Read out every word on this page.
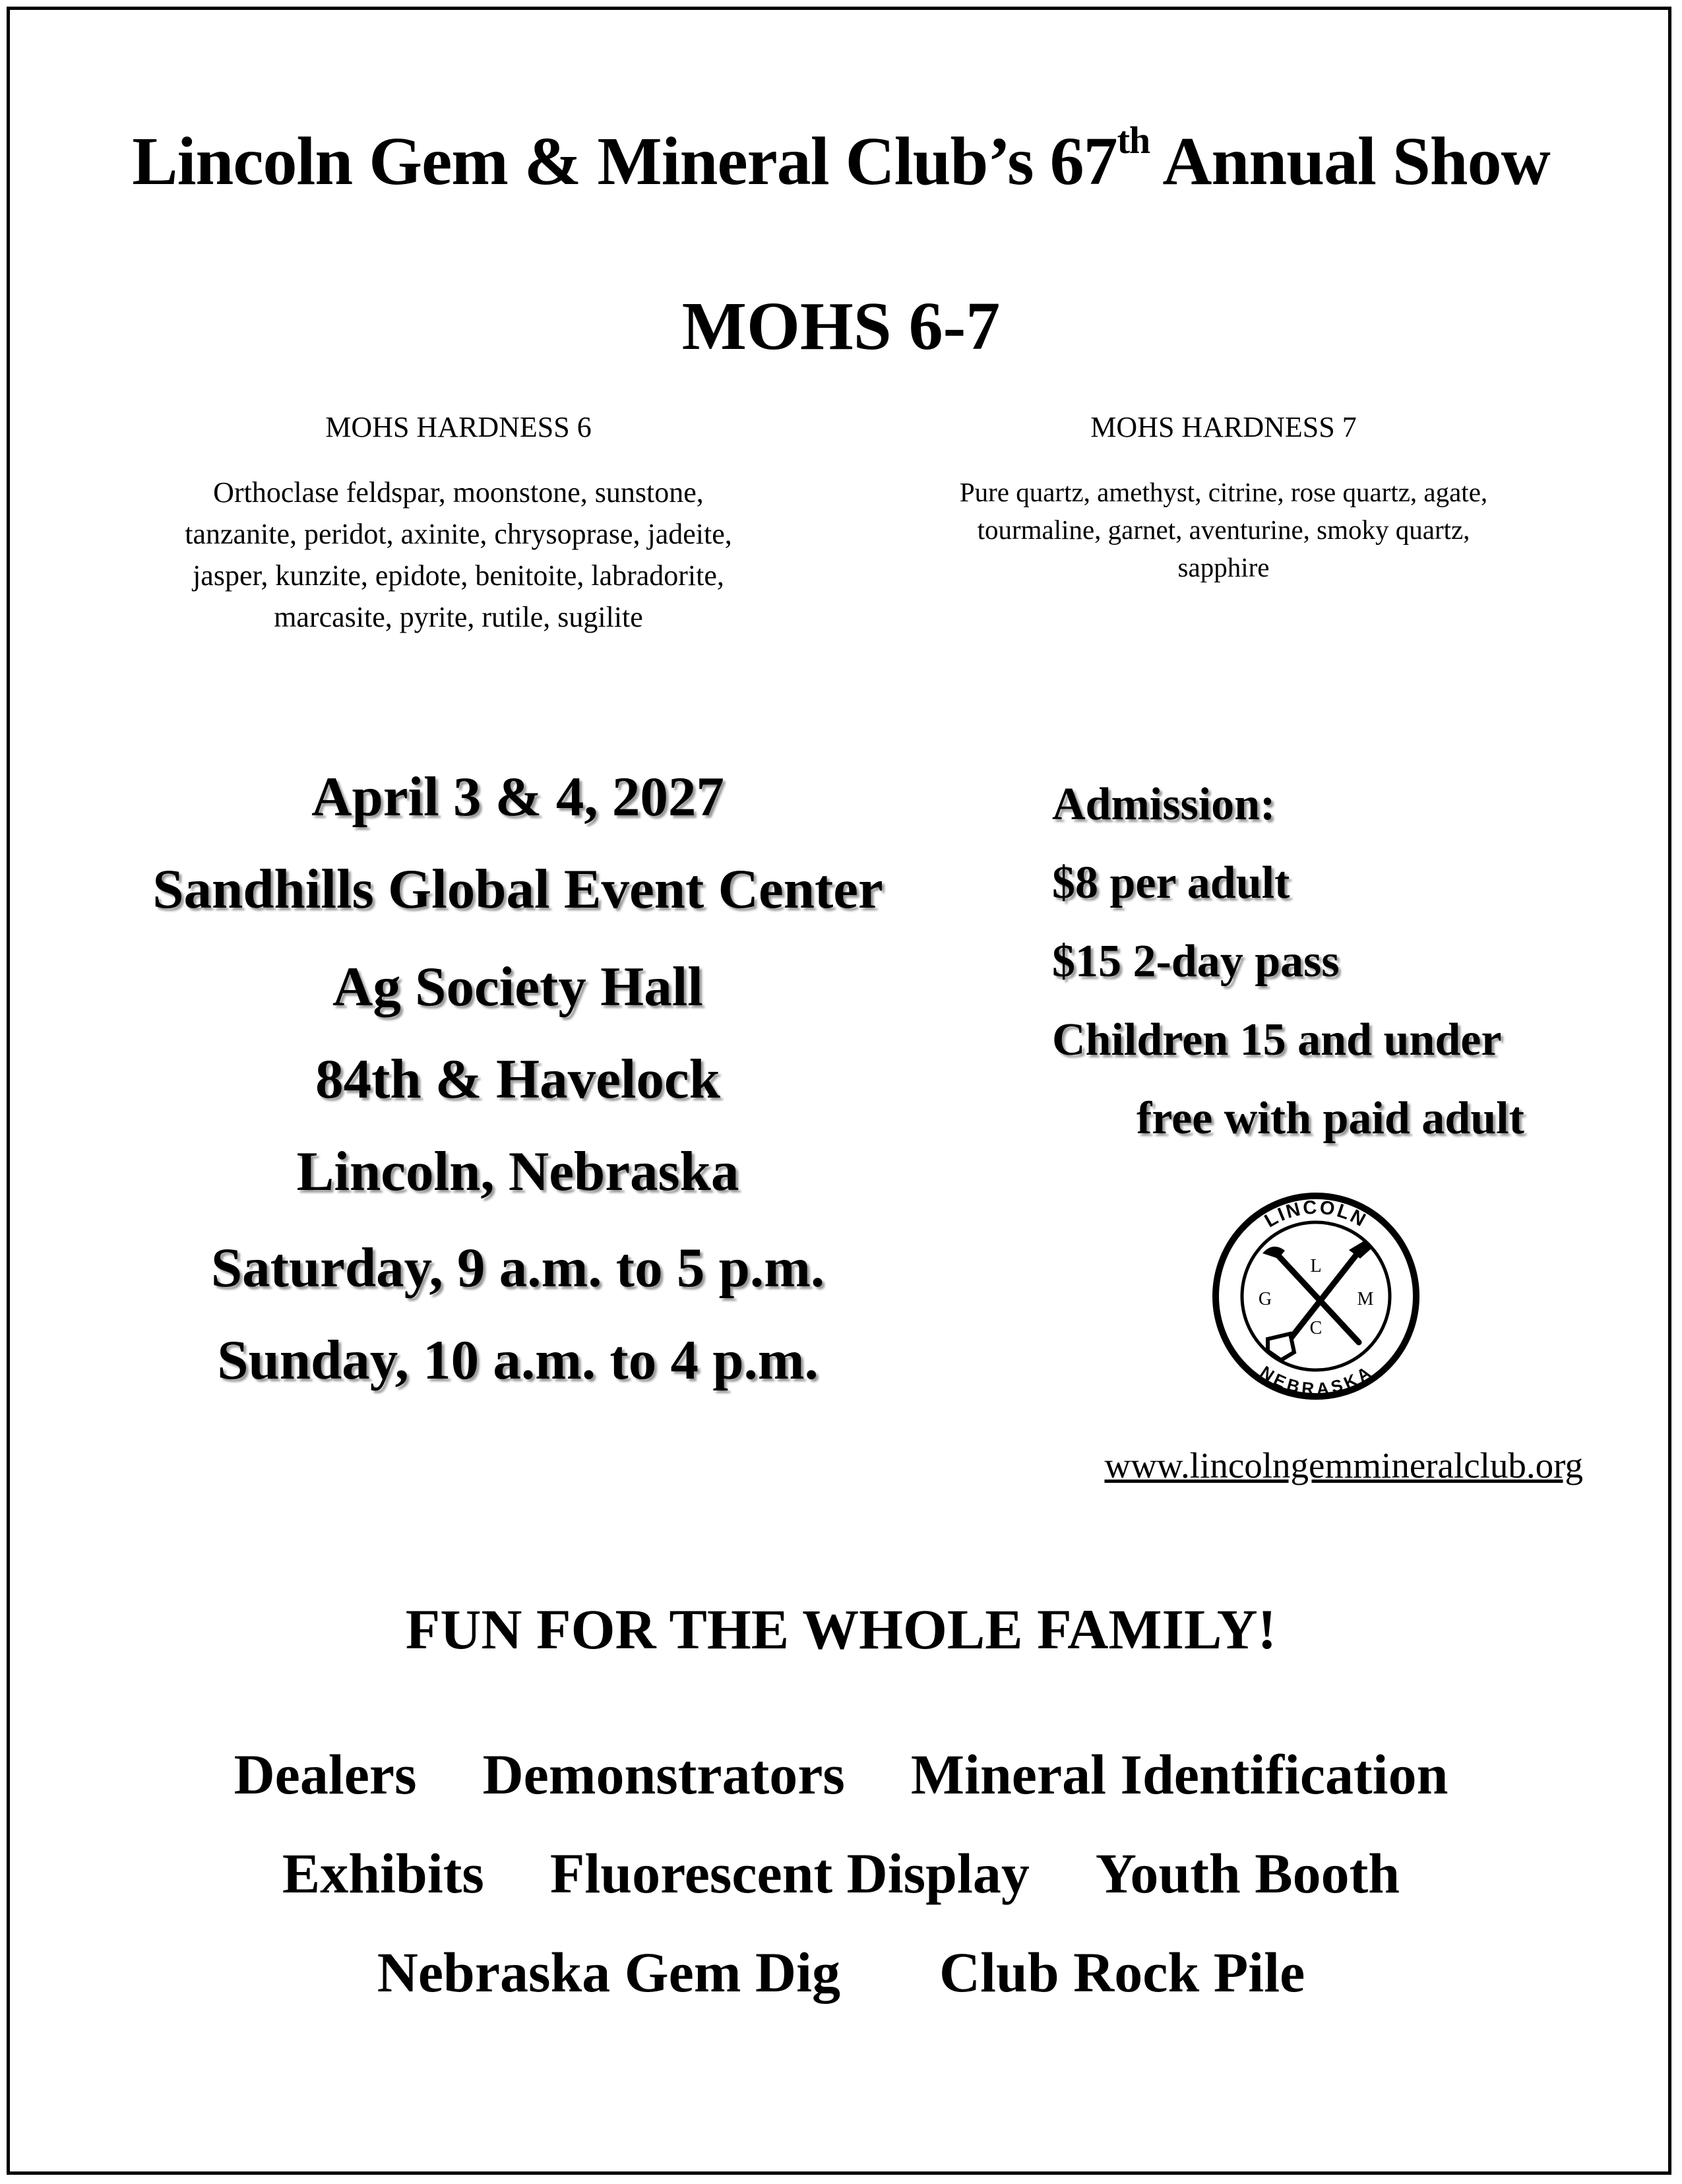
Lincoln Gem & Mineral Club’s 67th Annual Show
MOHS 6-7
MOHS HARDNESS 6
Orthoclase feldspar, moonstone, sunstone,
tanzanite, peridot, axinite, chrysoprase, jadeite,
jasper, kunzite, epidote, benitoite, labradorite,
marcasite, pyrite, rutile, sugilite
MOHS HARDNESS 7
Pure quartz, amethyst, citrine, rose quartz, agate,
tourmaline, garnet, aventurine, smoky quartz,
sapphire
April 3 & 4, 2027
Sandhills Global Event Center
Ag Society Hall
84th & Havelock
Lincoln, Nebraska
Saturday, 9 a.m. to 5 p.m.
Sunday, 10 a.m. to 4 p.m.
Admission:
$8 per adult
$15 2-day pass
Children 15 and under
free with paid adult
LINCOLN
NEBRASKA
L
G	M
C
www.lincolngemmineralclub.org
FUN FOR THE WHOLE FAMILY!
Dealers Demonstrators Mineral Identification
Exhibits Fluorescent Display Youth Booth
Nebraska Gem Dig Club Rock Pile
